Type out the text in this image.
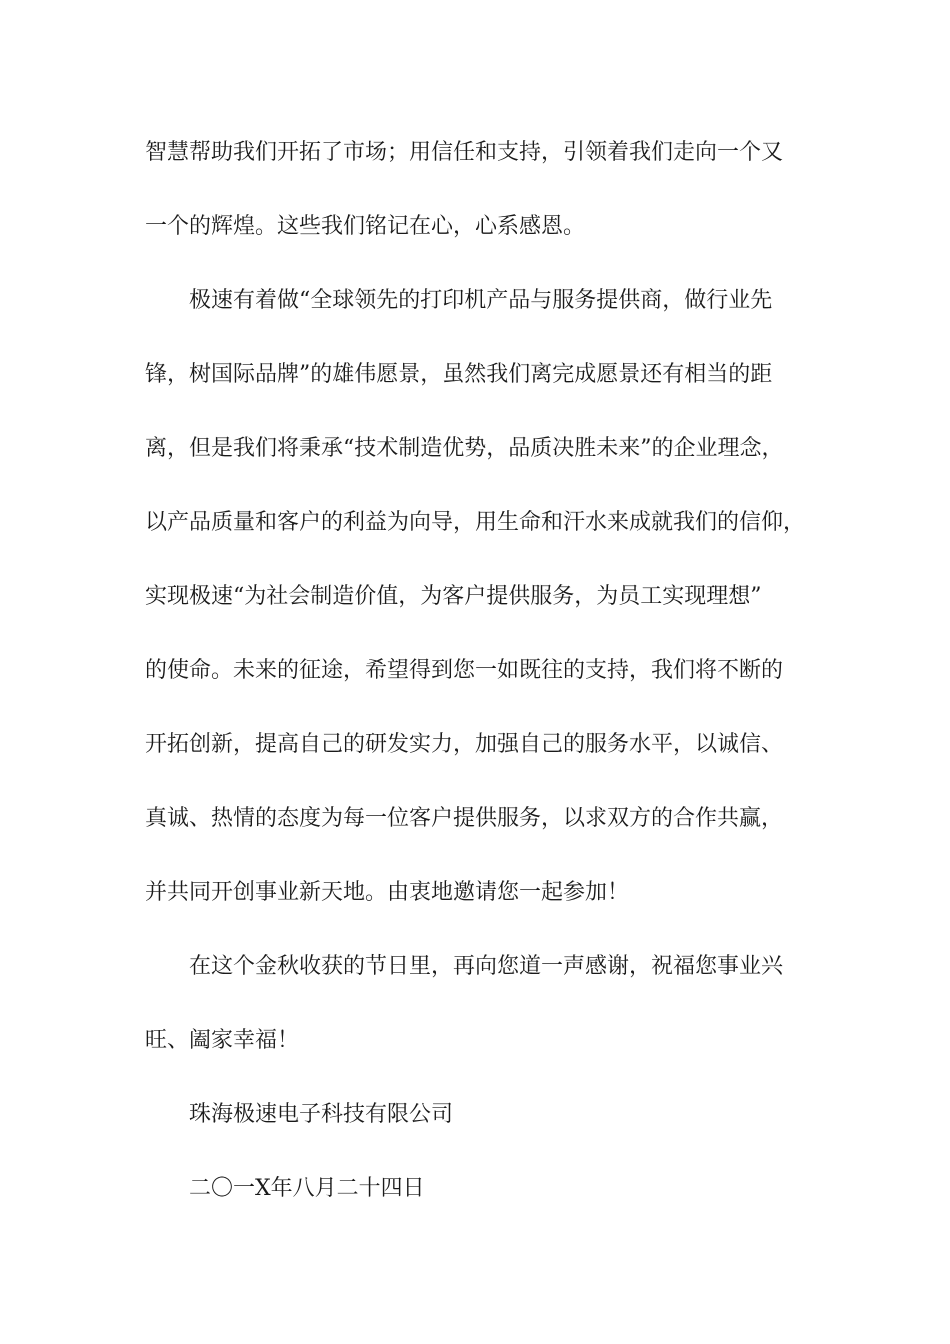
智慧帮助我们开拓了市场；用信任和支持，引领着我们走向一个又
一个的辉煌。这些我们铭记在心，心系感恩。
极速有着做“全球领先的打印机产品与服务提供商，做行业先
锋，树国际品牌”的雄伟愿景，虽然我们离完成愿景还有相当的距
离，但是我们将秉承“技术制造优势，品质决胜未来”的企业理念，
以产品质量和客户的利益为向导，用生命和汗水来成就我们的信仰，
实现极速“为社会制造价值，为客户提供服务，为员工实现理想”
的使命。未来的征途，希望得到您一如既往的支持，我们将不断的
开拓创新，提高自己的研发实力，加强自己的服务水平，以诚信、
真诚、热情的态度为每一位客户提供服务，以求双方的合作共赢，
并共同开创事业新天地。由衷地邀请您一起参加！
在这个金秋收获的节日里，再向您道一声感谢，祝福您事业兴
旺、阖家幸福！
珠海极速电子科技有限公司
二〇一X年八月二十四日
